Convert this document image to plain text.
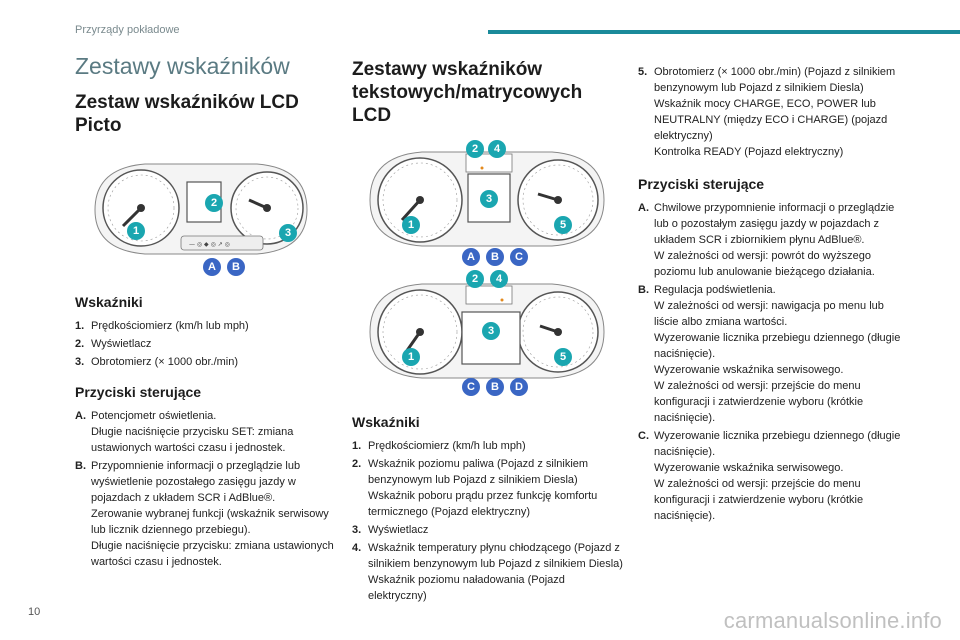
Przyrządy pokładowe
Zestawy wskaźników
Zestaw wskaźników LCD Picto
— ◎ ◆ ◎ ↗ ◎
1
2
3
A	B
Wskaźniki
1. Prędkościomierz (km/h lub mph)
2. Wyświetlacz
3. Obrotomierz (× 1000 obr./min)
Przyciski sterujące
A. Potencjometr oświetlenia.
Długie naciśnięcie przycisku SET: zmiana ustawionych wartości czasu i jednostek.
B. Przypomnienie informacji o przeglądzie lub wyświetlenie pozostałego zasięgu jazdy w pojazdach z układem SCR i AdBlue®.
Zerowanie wybranej funkcji (wskaźnik serwisowy lub licznik dziennego przebiegu).
Długie naciśnięcie przycisku: zmiana ustawionych wartości czasu i jednostek.
Zestawy wskaźników tekstowych/matrycowych LCD
2	4
3
1	5
A	B	C
2	4
3
1	5
C	B	D
Wskaźniki
1. Prędkościomierz (km/h lub mph)
2. Wskaźnik poziomu paliwa (Pojazd z silnikiem benzynowym lub Pojazd z silnikiem Diesla)
Wskaźnik poboru prądu przez funkcję komfortu termicznego (Pojazd elektryczny)
3. Wyświetlacz
4. Wskaźnik temperatury płynu chłodzącego (Pojazd z silnikiem benzynowym lub Pojazd z silnikiem Diesla)
Wskaźnik poziomu naładowania (Pojazd elektryczny)
5. Obrotomierz (× 1000 obr./min) (Pojazd z silnikiem benzynowym lub Pojazd z silnikiem Diesla)
Wskaźnik mocy CHARGE, ECO, POWER lub NEUTRALNY (między ECO i CHARGE) (pojazd elektryczny)
Kontrolka READY (Pojazd elektryczny)
Przyciski sterujące
A. Chwilowe przypomnienie informacji o przeglądzie lub o pozostałym zasięgu jazdy w pojazdach z układem SCR i zbiornikiem płynu AdBlue®.
W zależności od wersji: powrót do wyższego poziomu lub anulowanie bieżącego działania.
B. Regulacja podświetlenia.
W zależności od wersji: nawigacja po menu lub liście albo zmiana wartości.
Wyzerowanie licznika przebiegu dziennego (długie naciśnięcie).
Wyzerowanie wskaźnika serwisowego.
W zależności od wersji: przejście do menu konfiguracji i zatwierdzenie wyboru (krótkie naciśnięcie).
C. Wyzerowanie licznika przebiegu dziennego (długie naciśnięcie).
Wyzerowanie wskaźnika serwisowego.
W zależności od wersji: przejście do menu konfiguracji i zatwierdzenie wyboru (krótkie naciśnięcie).
10	carmanualsonline.info
